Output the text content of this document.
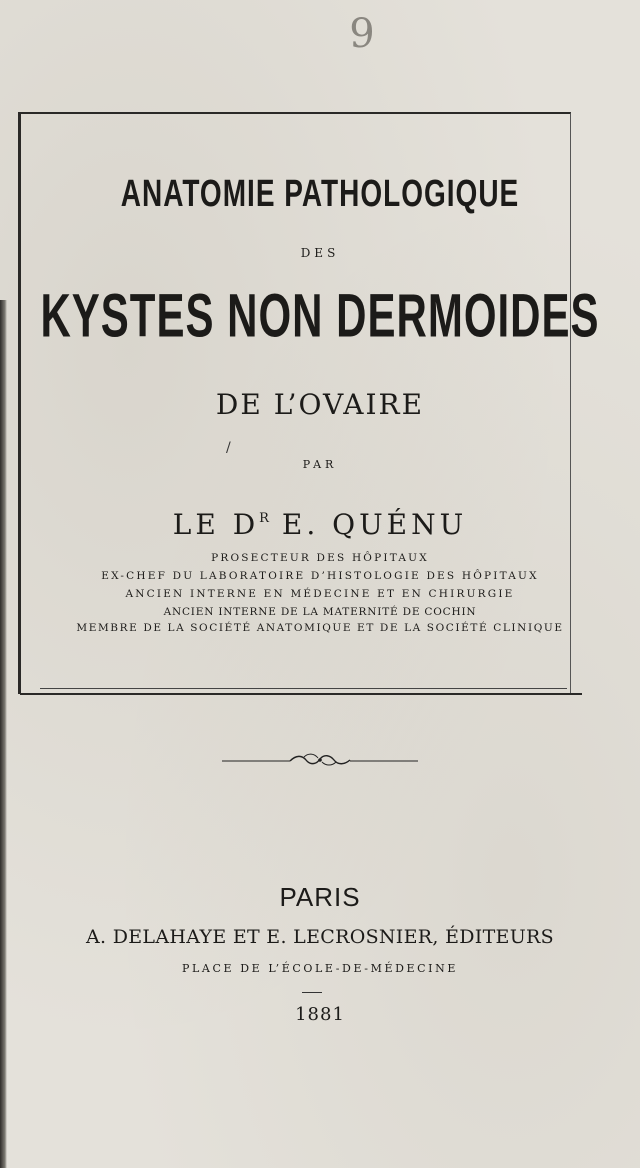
9
ANATOMIE PATHOLOGIQUE
DES
KYSTES NON DERMOIDES
DE L’OVAIRE
/
PAR
LE $D^R$ E. QUÉNU
PROSECTEUR DES HÔPITAUX
EX-CHEF DU LABORATOIRE D’HISTOLOGIE DES HÔPITAUX
ANCIEN INTERNE EN MÉDECINE ET EN CHIRURGIE
ANCIEN INTERNE DE LA MATERNITÉ DE COCHIN
MEMBRE DE LA SOCIÉTÉ ANATOMIQUE ET DE LA SOCIÉTÉ CLINIQUE
PARIS
A. DELAHAYE ET E. LECROSNIER, ÉDITEURS
PLACE DE L’ÉCOLE-DE-MÉDECINE
1881
